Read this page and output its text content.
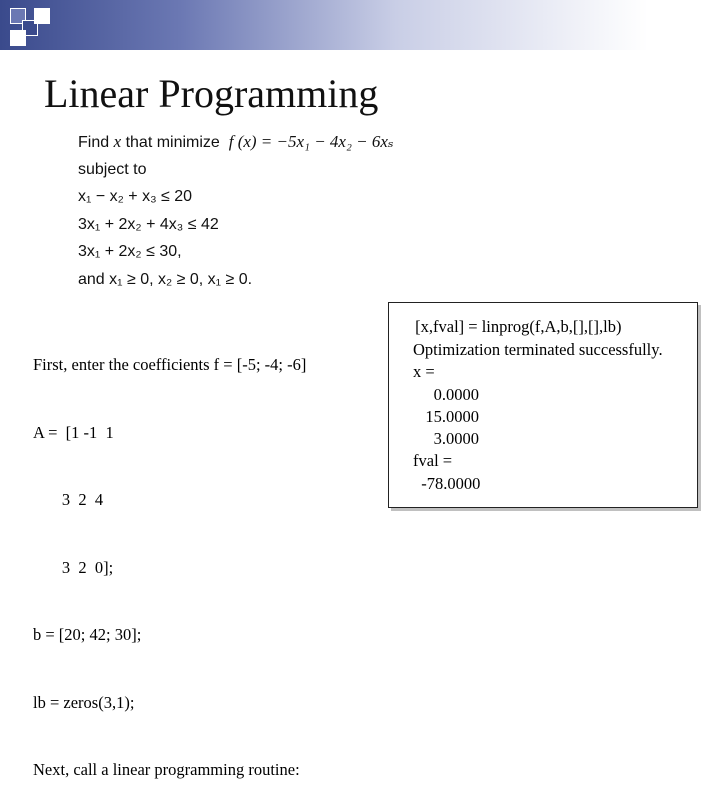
Linear Programming
Find x that minimize f (x) = −5x₁ − 4x₂ − 6xₛ
subject to
x₁ − x₂ + x₃ ≤ 20
3x₁ + 2x₂ + 4x₃ ≤ 42
3x₁ + 2x₂ ≤ 30,
and x₁ ≥ 0, x₂ ≥ 0, x₁ ≥ 0.

First, enter the coefficients f = [-5; -4; -6]

A =  [1 -1  1

3  2  4

3  2  0];

b = [20; 42; 30];

lb = zeros(3,1);

Next, call a linear programming routine:

[x,fval] = linprog(f,A,b,[],[],lb)
Optimization terminated successfully.
x =
0.0000
15.0000
3.0000
fval =
-78.0000
